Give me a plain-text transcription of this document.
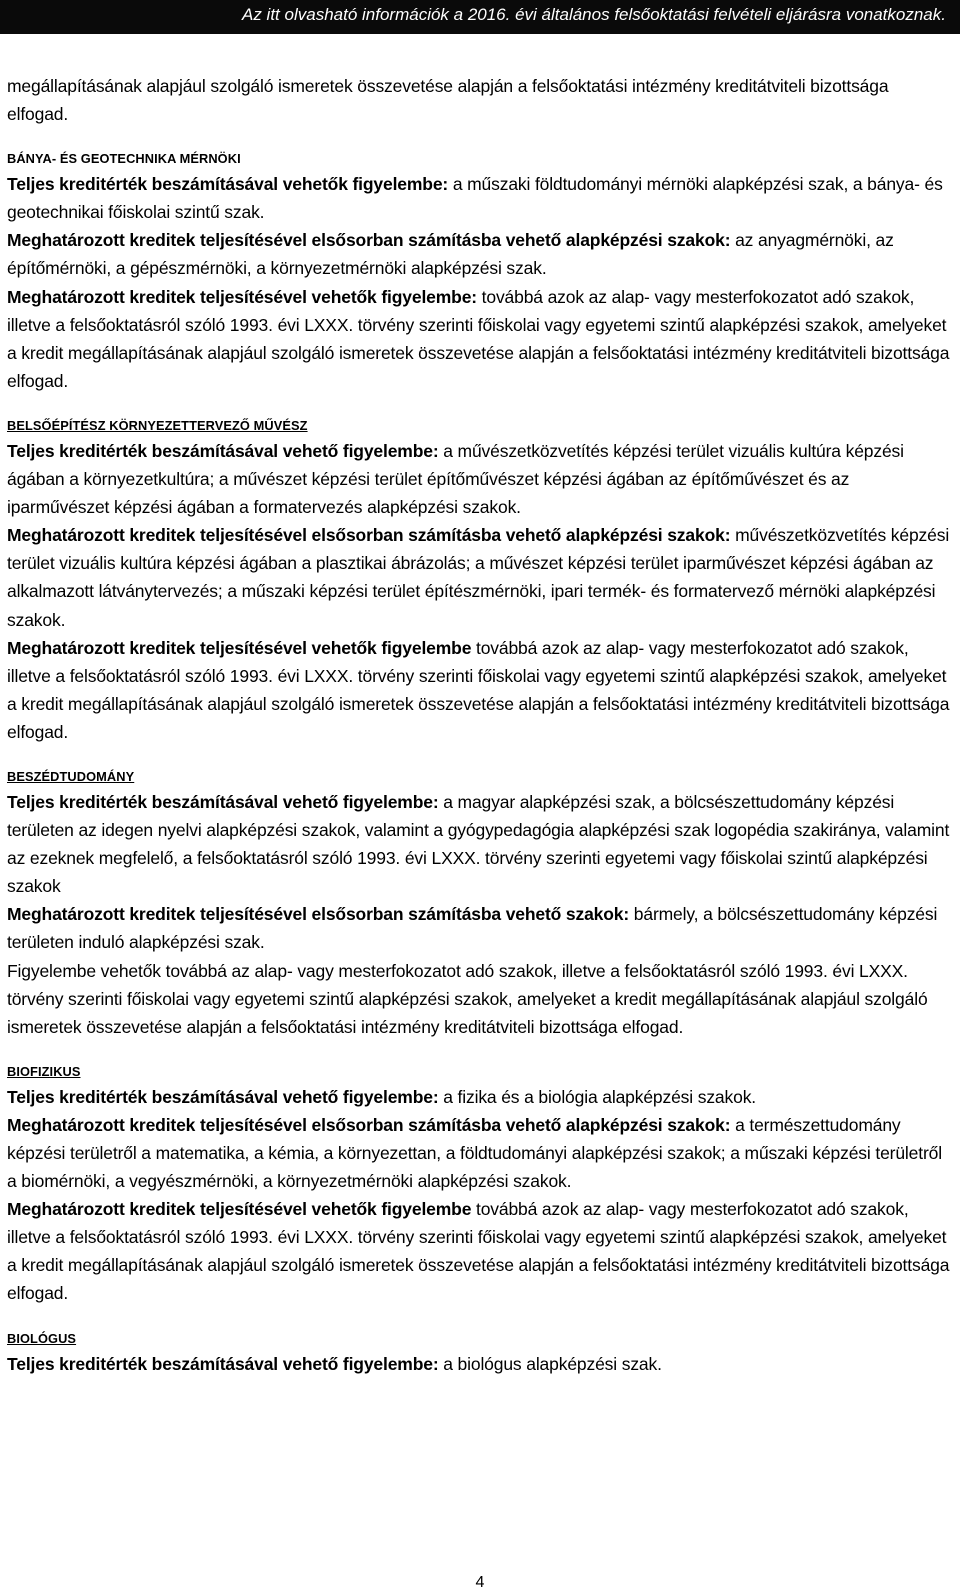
Az itt olvasható információk a 2016. évi általános felsőoktatási felvételi eljárásra vonatkoznak.

megállapításának alapjául szolgáló ismeretek összevetése alapján a felsőoktatási intézmény kreditátviteli bizottsága elfogad.

BÁNYA- ÉS GEOTECHNIKA MÉRNÖKI

Teljes kreditérték beszámításával vehetők figyelembe: a műszaki földtudományi mérnöki alapképzési szak, a bánya- és geotechnikai főiskolai szintű szak.

Meghatározott kreditek teljesítésével elsősorban számításba vehető alapképzési szakok: az anyagmérnöki, az építőmérnöki, a gépészmérnöki, a környezetmérnöki alapképzési szak.

Meghatározott kreditek teljesítésével vehetők figyelembe: továbbá azok az alap- vagy mesterfokozatot adó szakok, illetve a felsőoktatásról szóló 1993. évi LXXX. törvény szerinti főiskolai vagy egyetemi szintű alapképzési szakok, amelyeket a kredit megállapításának alapjául szolgáló ismeretek összevetése alapján a felsőoktatási intézmény kreditátviteli bizottsága elfogad.

BELSŐÉPÍTÉSZ KÖRNYEZETTERVEZŐ MŰVÉSZ

Teljes kreditérték beszámításával vehető figyelembe: a művészetközvetítés képzési terület vizuális kultúra képzési ágában a környezetkultúra; a művészet képzési terület építőművészet képzési ágában az építőművészet és az iparművészet képzési ágában a formatervezés alapképzési szakok.

Meghatározott kreditek teljesítésével elsősorban számításba vehető alapképzési szakok: művészetközvetítés képzési terület vizuális kultúra képzési ágában a plasztikai ábrázolás; a művészet képzési terület iparművészet képzési ágában az alkalmazott látványtervezés; a műszaki képzési terület építészmérnöki, ipari termék- és formatervező mérnöki alapképzési szakok.

Meghatározott kreditek teljesítésével vehetők figyelembe továbbá azok az alap- vagy mesterfokozatot adó szakok, illetve a felsőoktatásról szóló 1993. évi LXXX. törvény szerinti főiskolai vagy egyetemi szintű alapképzési szakok, amelyeket a kredit megállapításának alapjául szolgáló ismeretek összevetése alapján a felsőoktatási intézmény kreditátviteli bizottsága elfogad.

BESZÉDTUDOMÁNY

Teljes kreditérték beszámításával vehető figyelembe: a magyar alapképzési szak, a bölcsészettudomány képzési területen az idegen nyelvi alapképzési szakok, valamint a gyógypedagógia alapképzési szak logopédia szakiránya, valamint az ezeknek megfelelő, a felsőoktatásról szóló 1993. évi LXXX. törvény szerinti egyetemi vagy főiskolai szintű alapképzési szakok

Meghatározott kreditek teljesítésével elsősorban számításba vehető szakok: bármely, a bölcsészettudomány képzési területen induló alapképzési szak.

Figyelembe vehetők továbbá az alap- vagy mesterfokozatot adó szakok, illetve a felsőoktatásról szóló 1993. évi LXXX. törvény szerinti főiskolai vagy egyetemi szintű alapképzési szakok, amelyeket a kredit megállapításának alapjául szolgáló ismeretek összevetése alapján a felsőoktatási intézmény kreditátviteli bizottsága elfogad.

BIOFIZIKUS

Teljes kreditérték beszámításával vehető figyelembe: a fizika és a biológia alapképzési szakok.

Meghatározott kreditek teljesítésével elsősorban számításba vehető alapképzési szakok: a természettudomány képzési területről a matematika, a kémia, a környezettan, a földtudományi alapképzési szakok; a műszaki képzési területről a biomérnöki, a vegyészmérnöki, a környezetmérnöki alapképzési szakok.

Meghatározott kreditek teljesítésével vehetők figyelembe továbbá azok az alap- vagy mesterfokozatot adó szakok, illetve a felsőoktatásról szóló 1993. évi LXXX. törvény szerinti főiskolai vagy egyetemi szintű alapképzési szakok, amelyeket a kredit megállapításának alapjául szolgáló ismeretek összevetése alapján a felsőoktatási intézmény kreditátviteli bizottsága elfogad.

BIOLÓGUS

Teljes kreditérték beszámításával vehető figyelembe: a biológus alapképzési szak.

4
